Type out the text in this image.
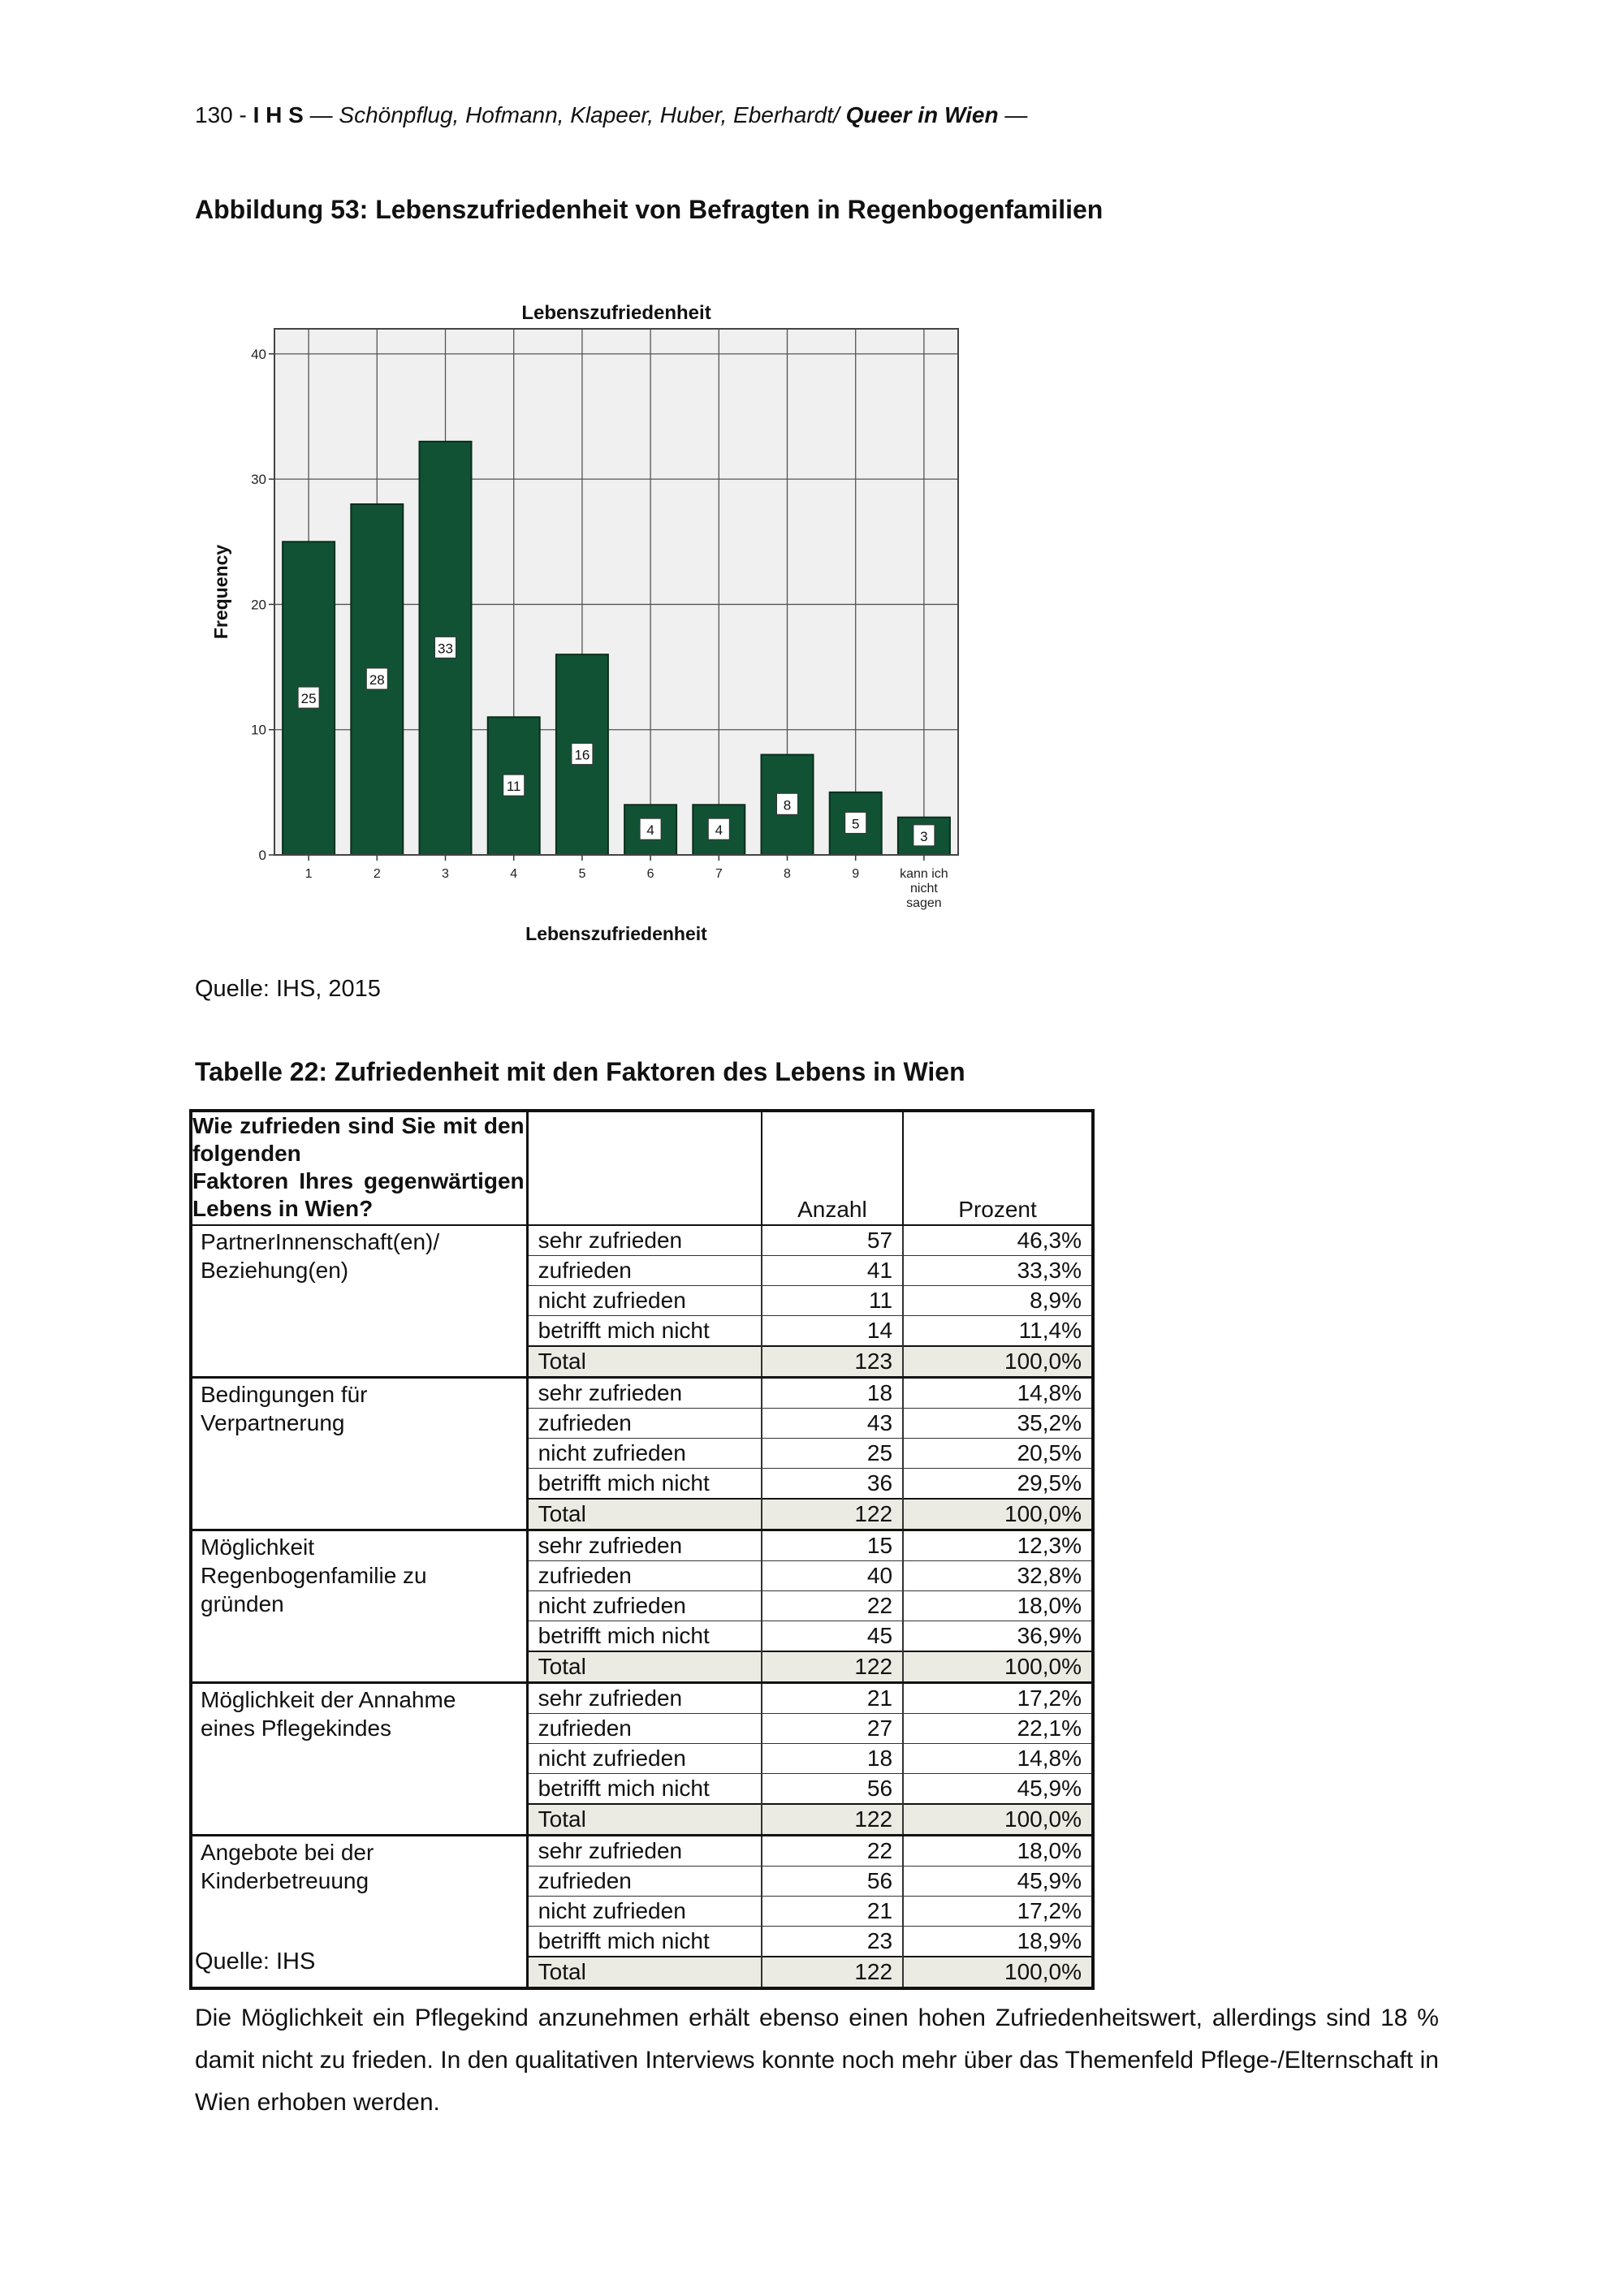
130 - I H S — Schönpflug, Hofmann, Klapeer, Huber, Eberhardt/ Queer in Wien —
Abbildung 53: Lebenszufriedenheit von Befragten in Regenbogenfamilien
0
10
20
30
40
25
28
33
11
16
4	4
8
5
3
1	2	3	4	5	6	7	8	9	kann ich
nicht
sagen
Lebenszufriedenheit
Lebenszufriedenheit
Frequency
Quelle: IHS, 2015
Tabelle 22: Zufriedenheit mit den Faktoren des Lebens in Wien
Wie zufrieden sind Sie mit den folgenden
Faktoren Ihres gegenwärtigen Lebens in Wien?		Anzahl	Prozent

PartnerInnenschaft(en)/
Beziehung(en)	sehr zufrieden	57	46,3%
	zufrieden	41	33,3%
	nicht zufrieden	11	8,9%
	betrifft mich nicht	14	11,4%
	Total	123	100,0%

Bedingungen für
Verpartnerung	sehr zufrieden	18	14,8%
	zufrieden	43	35,2%
	nicht zufrieden	25	20,5%
	betrifft mich nicht	36	29,5%
	Total	122	100,0%

Möglichkeit
Regenbogenfamilie zu
gründen	sehr zufrieden	15	12,3%
	zufrieden	40	32,8%
	nicht zufrieden	22	18,0%
	betrifft mich nicht	45	36,9%
	Total	122	100,0%

Möglichkeit der Annahme
eines Pflegekindes	sehr zufrieden	21	17,2%
	zufrieden	27	22,1%
	nicht zufrieden	18	14,8%
	betrifft mich nicht	56	45,9%
	Total	122	100,0%

Angebote bei der
Kinderbetreuung	sehr zufrieden	22	18,0%
	zufrieden	56	45,9%
	nicht zufrieden	21	17,2%
	betrifft mich nicht	23	18,9%
	Total	122	100,0%
Quelle: IHS
Die Möglichkeit ein Pflegekind anzunehmen erhält ebenso einen hohen Zufriedenheitswert, allerdings sind 18 % damit nicht zu frieden. In den qualitativen Interviews konnte noch mehr über das Themenfeld Pflege-/Elternschaft in Wien erhoben werden.
